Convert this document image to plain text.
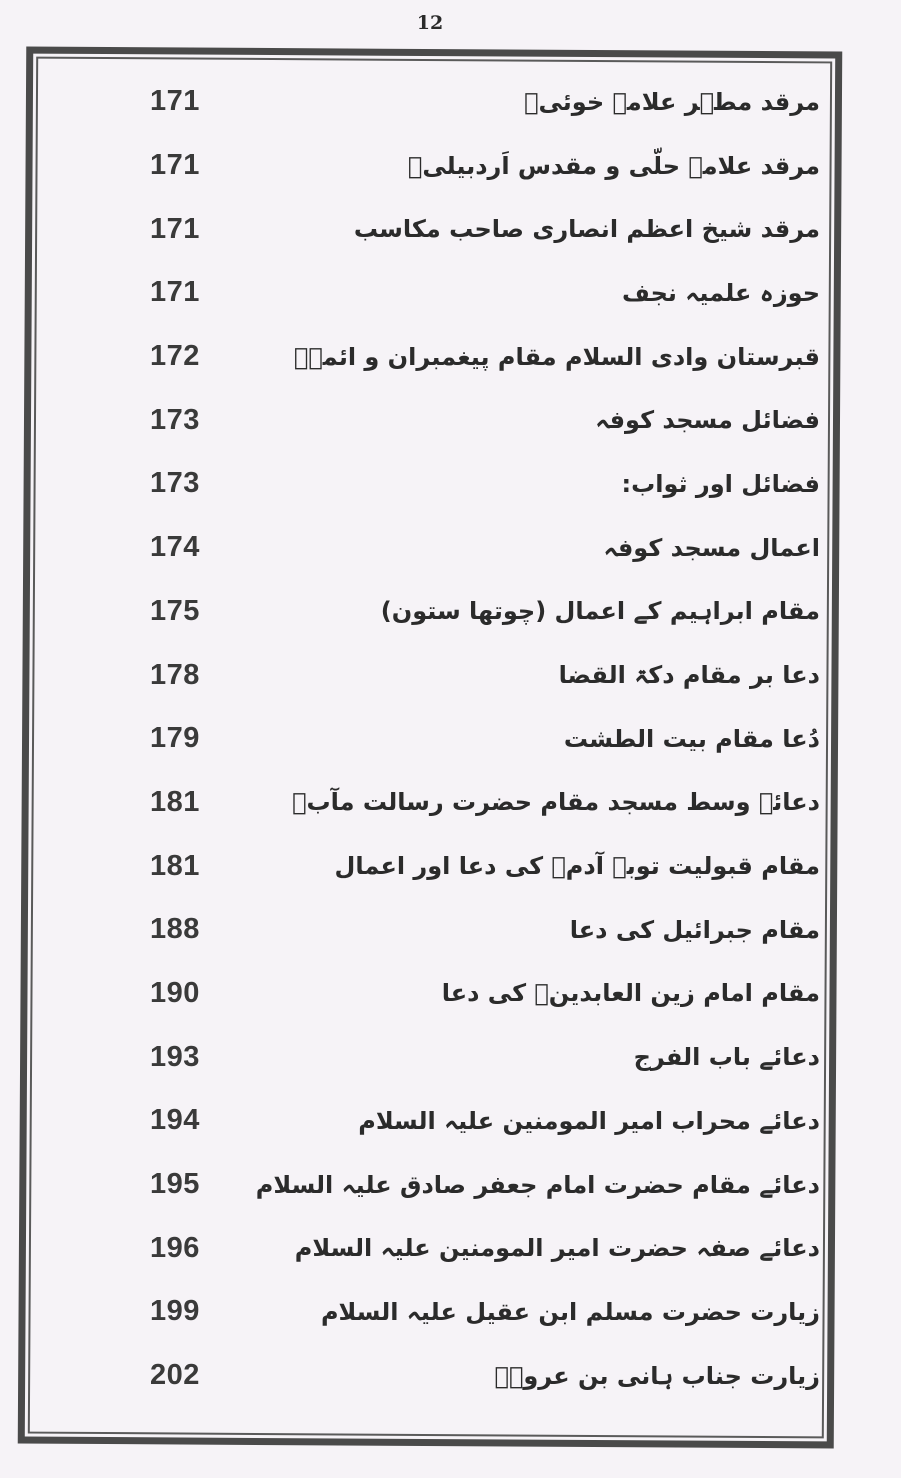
12
171	مرقد مطہر علامہ خوئیؒ
171	مرقد علامہ حلّی و مقدس اَردبیلیؒ
171	مرقد شیخ اعظم انصاری صاحب مکاسب
171	حوزہ علمیہ نجف
172	قبرستان وادی السلام مقام پیغمبران و ائمہؑ
173	فضائل مسجد کوفہ
173	فضائل اور ثواب:
174	اعمال مسجد کوفہ
175	مقام ابراہیم کے اعمال (چوتھا ستون)
178	دعا بر مقام دکۃ القضا
179	دُعا مقام بیت الطشت
181	دعائے وسط مسجد مقام حضرت رسالت مآبؐ
181	مقام قبولیت توبہ آدمؑ کی دعا اور اعمال
188	مقام جبرائیل کی دعا
190	مقام امام زین العابدینؑ کی دعا
193	دعائے باب الفرج
194	دعائے محراب امیر المومنین علیہ السلام
195	دعائے مقام حضرت امام جعفر صادق علیہ السلام
196	دعائے صفہ حضرت امیر المومنین علیہ السلام
199	زیارت حضرت مسلم ابن عقیل علیہ السلام
202	زیارت جناب ہانی بن عروہؓ
